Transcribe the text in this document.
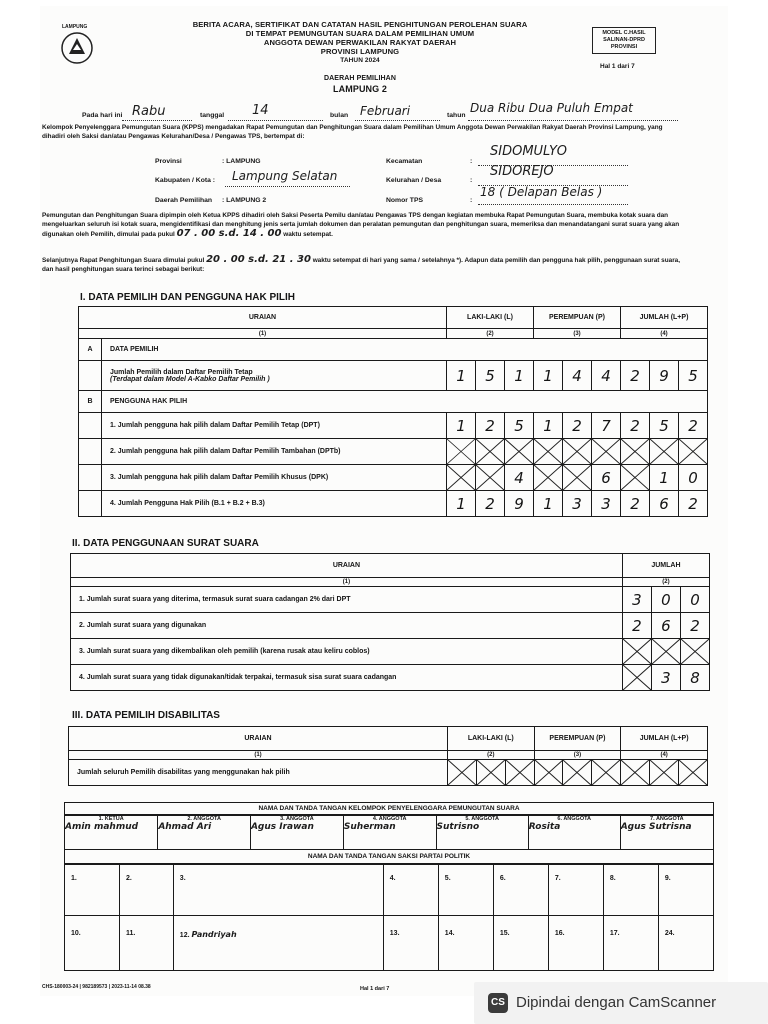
LAMPUNG	BERITA ACARA, SERTIFIKAT DAN CATATAN HASIL PENGHITUNGAN PEROLEHAN SUARA
DI TEMPAT PEMUNGUTAN SUARA DALAM PEMILIHAN UMUM
ANGGOTA DEWAN PERWAKILAN RAKYAT DAERAH
PROVINSI LAMPUNG
TAHUN 2024
DAERAH PEMILIHAN
LAMPUNG 2
MODEL C.HASIL SALINAN-DPRD PROVINSI
Hal 1 dari 7
Pada hari ini Rabu	tanggal 14	bulan Februari	tahun
Dua Ribu Dua Puluh Empat
Kelompok Penyelenggara Pemungutan Suara (KPPS) mengadakan Rapat Pemungutan dan Penghitungan Suara dalam Pemilihan Umum Anggota Dewan Perwakilan Rakyat Daerah Provinsi Lampung, yang dihadiri oleh Saksi dan/atau Pengawas Kelurahan/Desa / Pengawas TPS, bertempat di:
Provinsi	: LAMPUNG
Kabupaten / Kota : Lampung Selatan
Daerah Pemilihan : LAMPUNG 2
Kecamatan	:
SIDOMULYO
Kelurahan / Desa	:
SIDOREJO
Nomor TPS	:
18 ( Delapan Belas )
Pemungutan dan Penghitungan Suara dipimpin oleh Ketua KPPS dihadiri oleh Saksi Peserta Pemilu dan/atau Pengawas TPS dengan kegiatan membuka Rapat Pemungutan Suara, membuka kotak suara dan mengeluarkan seluruh isi kotak suara, mengidentifikasi dan menghitung jenis serta jumlah dokumen dan peralatan pemungutan dan penghitungan suara, memeriksa dan menandatangani surat suara yang akan digunakan oleh Pemilih, dimulai pada pukul 07 . 00 s.d. 14 . 00 waktu setempat.
Selanjutnya Rapat Penghitungan Suara dimulai pukul 20 . 00 s.d. 21 . 30 waktu setempat di hari yang sama / setelahnya *). Adapun data pemilih dan pengguna hak pilih, penggunaan surat suara, dan hasil penghitungan suara terinci sebagai berikut:
I. DATA PEMILIH DAN PENGGUNA HAK PILIH
URAIAN		LAKI-LAKI (L)			PEREMPUAN (P)			JUMLAH (L+P)		
(1)		(2)			(3)			(4)		
A	DATA PEMILIH									

	Jumlah Pemilih dalam Daftar Pemilih Tetap
(Terdapat dalam Model A-Kabko Daftar Pemilih )	1	5	1	1	4	4	2	9	5
B	PENGGUNA HAK PILIH									
	1. Jumlah pengguna hak pilih dalam Daftar Pemilih Tetap (DPT)	1	2	5	1	2	7	2	5	2
	2. Jumlah pengguna hak pilih dalam Daftar Pemilih Tambahan (DPTb)	

	3. Jumlah pengguna hak pilih dalam Daftar Pemilih Khusus (DPK)			4			6		1	0
	4. Jumlah Pengguna Hak Pilih (B.1 + B.2 + B.3)	1	2	9	1	3	3	2	6	2
II. DATA PENGGUNAAN SURAT SUARA
URAIAN	JUMLAH		
(1)	(2)		
1. Jumlah surat suara yang diterima, termasuk surat suara cadangan 2% dari DPT	3	0	0
2. Jumlah surat suara yang digunakan	2	6	2
3. Jumlah surat suara yang dikembalikan oleh pemilih (karena rusak atau keliru coblos)	

4. Jumlah surat suara yang tidak digunakan/tidak terpakai, termasuk sisa surat suara cadangan		3	8
III. DATA PEMILIH DISABILITAS
URAIAN	LAKI-LAKI (L)			PEREMPUAN (P)			JUMLAH (L+P)		
(1)	(2)			(3)			(4)		
Jumlah seluruh Pemilih disabilitas yang menggunakan hak pilih	

NAMA DAN TANDA TANGAN KELOMPOK PENYELENGGARA PEMUNGUTAN SUARA
1. KETUA
Amin mahmud

2. ANGGOTA
Ahmad Ari

3. ANGGOTA
Agus Irawan

4. ANGGOTA
Suherman

5. ANGGOTA
Sutrisno

6. ANGGOTA
Rosita

7. ANGGOTA
Agus Sutrisna

NAMA DAN TANDA TANGAN SAKSI PARTAI POLITIK
1.	2.	3.	4.	5.	6.	7.	8.	9.
10.	11.	12. Pandriyah	13.	14.	15.	16.	17.	24.
CHS-180003-24 | 982189573 | 2023-11-14 08.38	Hal 1 dari 7
CS Dipindai dengan CamScanner
